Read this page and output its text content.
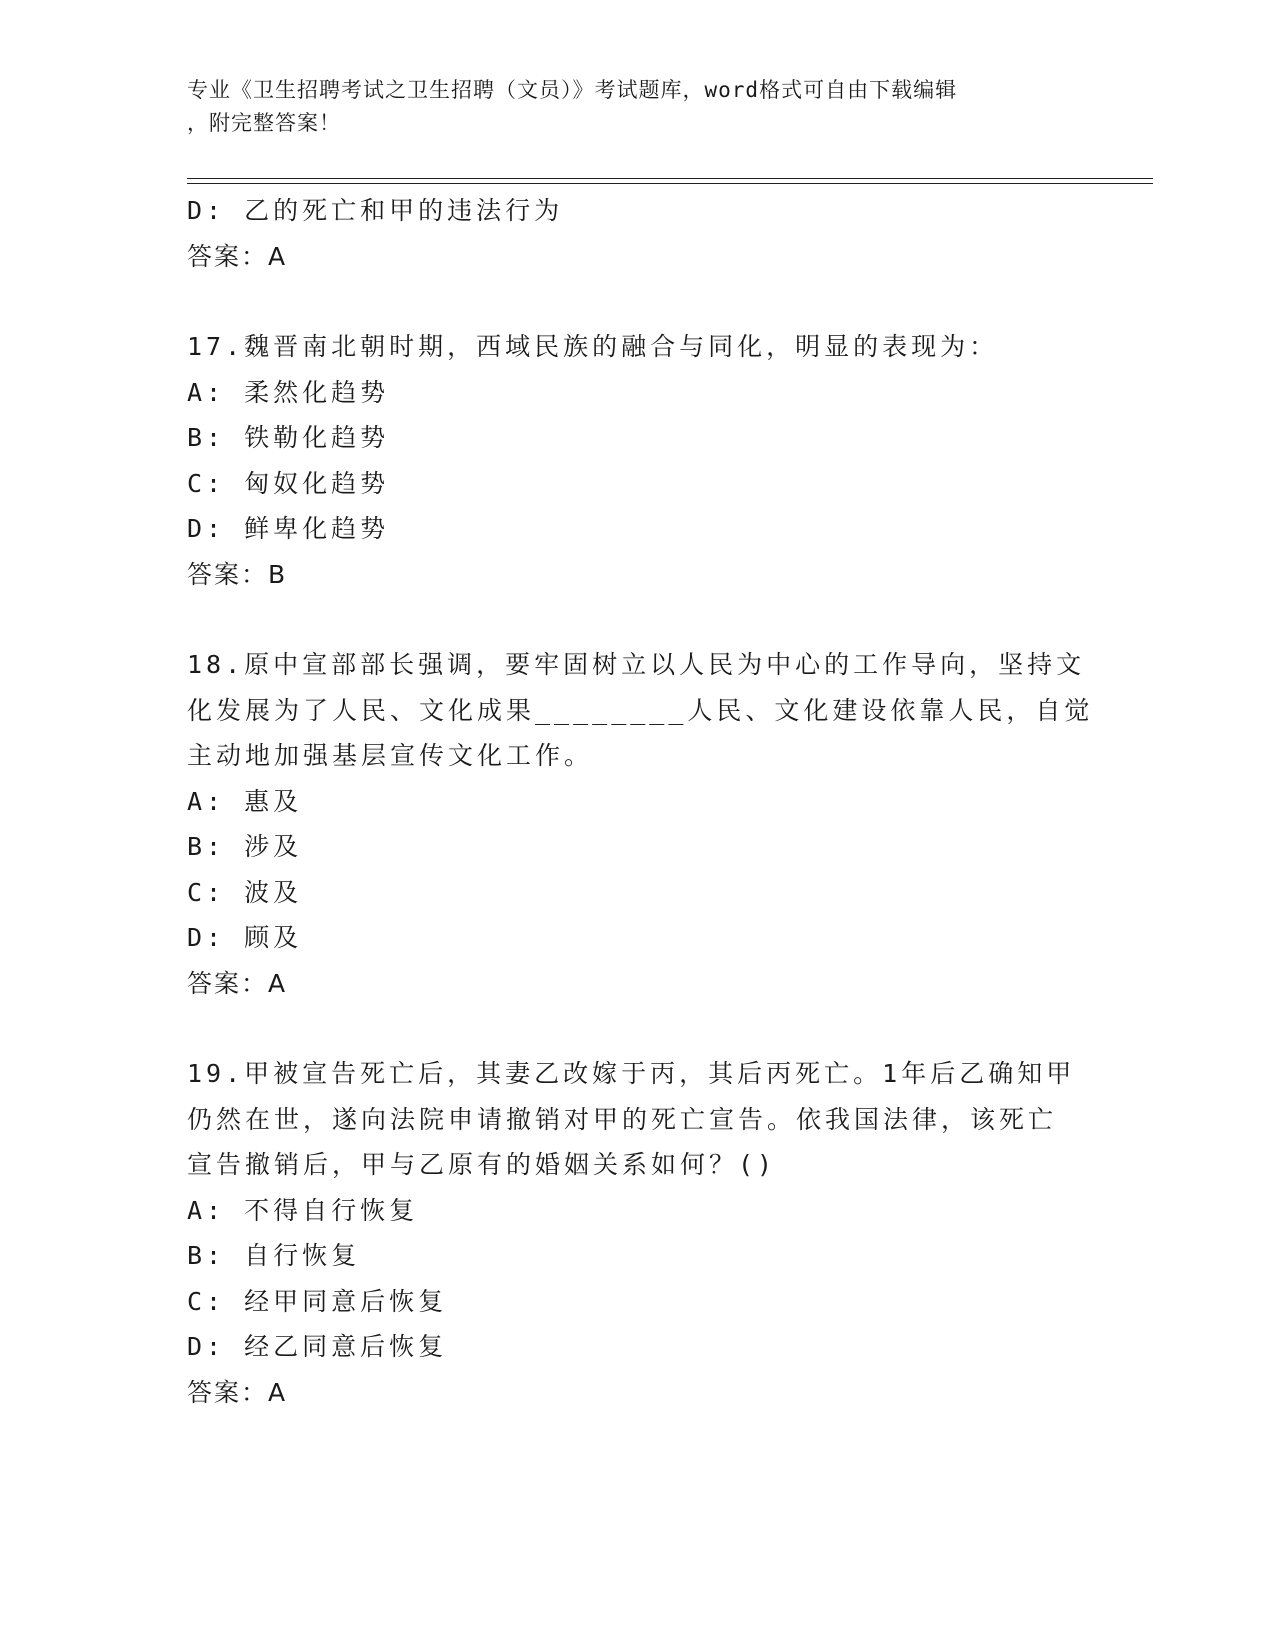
专业《卫生招聘考试之卫生招聘（文员）》考试题库，word格式可自由下载编辑
，附完整答案！
D: 乙的死亡和甲的违法行为
答案：A
17.魏晋南北朝时期，西域民族的融合与同化，明显的表现为：
A: 柔然化趋势
B: 铁勒化趋势
C: 匈奴化趋势
D: 鲜卑化趋势
答案：B
18.原中宣部部长强调，要牢固树立以人民为中心的工作导向，坚持文
化发展为了人民、文化成果________人民、文化建设依靠人民，自觉
主动地加强基层宣传文化工作。
A: 惠及
B: 涉及
C: 波及
D: 顾及
答案：A
19.甲被宣告死亡后，其妻乙改嫁于丙，其后丙死亡。1年后乙确知甲
仍然在世，遂向法院申请撤销对甲的死亡宣告。依我国法律，该死亡
宣告撤销后，甲与乙原有的婚姻关系如何？()
A: 不得自行恢复
B: 自行恢复
C: 经甲同意后恢复
D: 经乙同意后恢复
答案：A
